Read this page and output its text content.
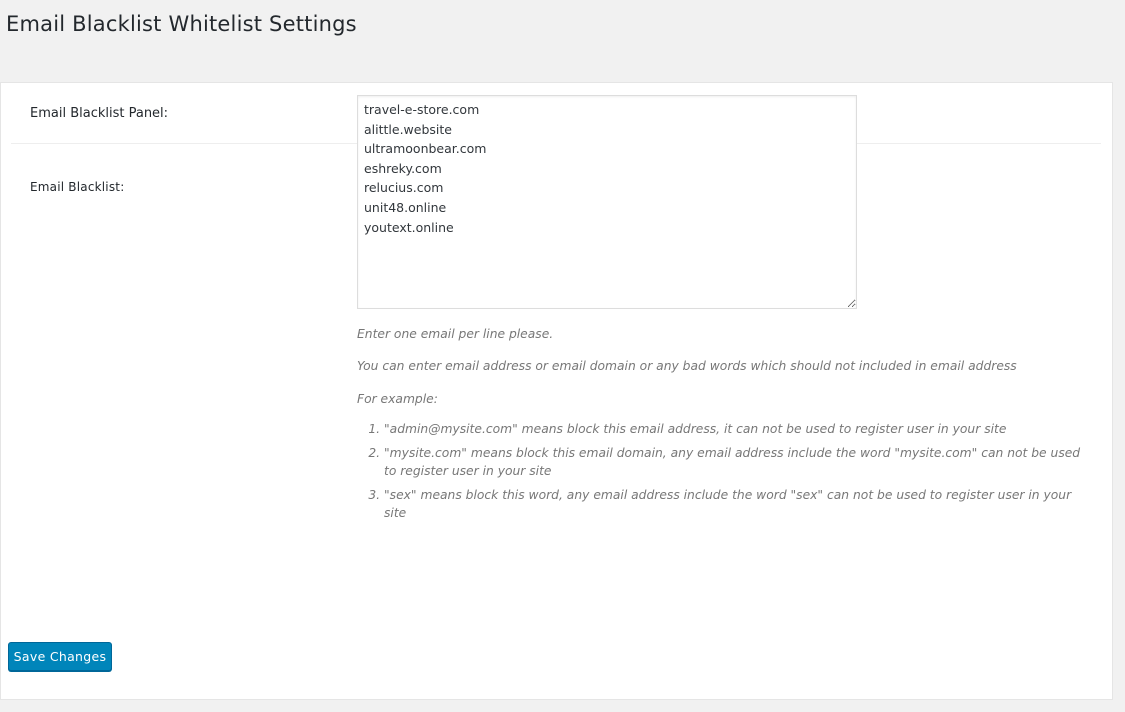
Email Blacklist Whitelist Settings
Email Blacklist Panel:
Email Blacklist:
travel-e-store.com alittle.website ultramoonbear.com eshreky.com relucius.com unit48.online youtext.online

Enter one email per line please.

You can enter email address or email domain or any bad words which should not included in email address

For example:

1. "admin@mysite.com" means block this email address, it can not be used to register user in your site
2. "mysite.com" means block this email domain, any email address include the word "mysite.com" can not be used to register user in your site
3. "sex" means block this word, any email address include the word "sex" can not be used to register user in your site
Save Changes
